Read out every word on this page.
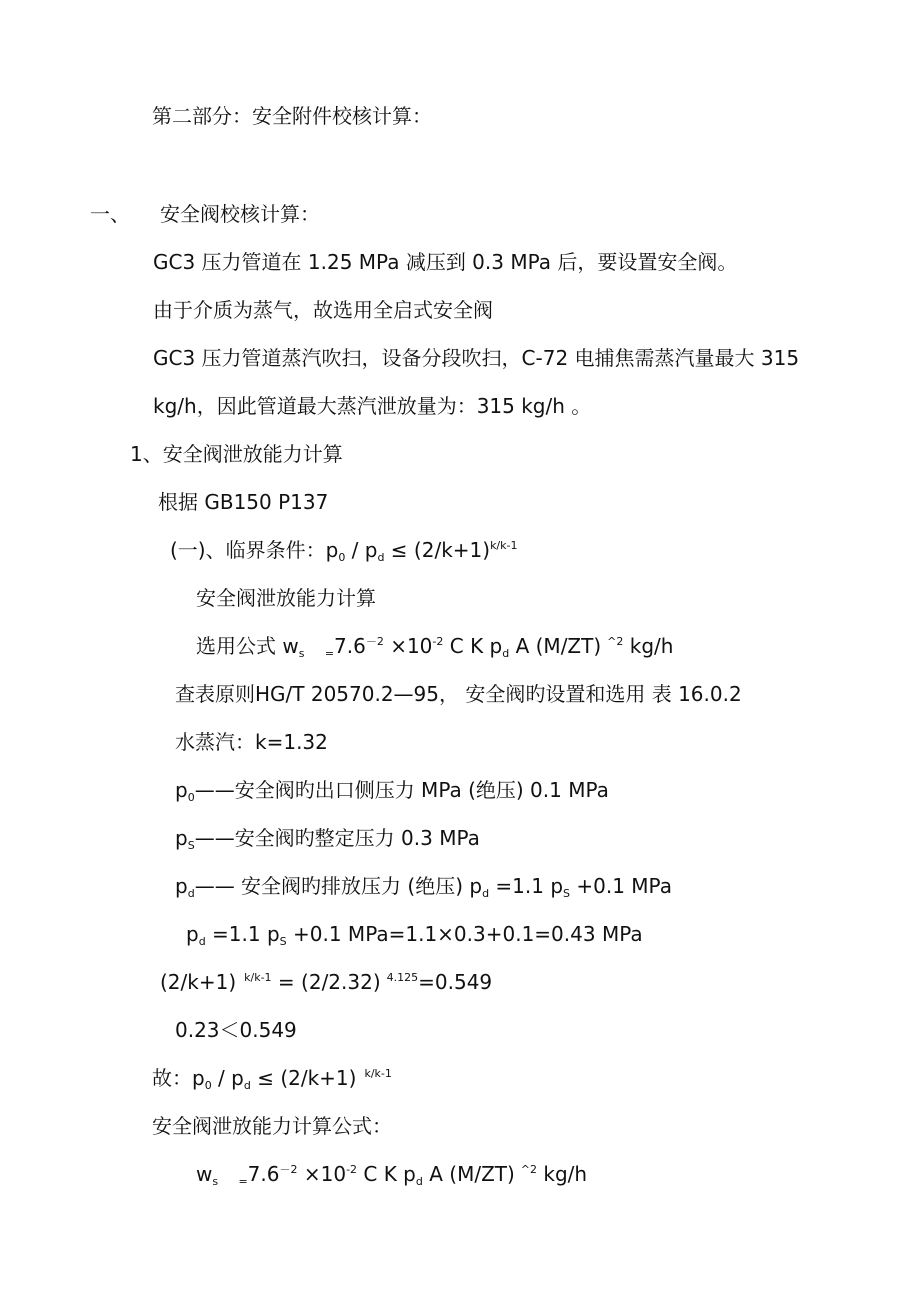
第二部分：安全附件校核计算：
一、 安全阀校核计算：
GC3 压力管道在 1.25 MPa 减压到 0.3 MPa 后，要设置安全阀。
由于介质为蒸气，故选用全启式安全阀
GC3 压力管道蒸汽吹扫，设备分段吹扫，C-72 电捕焦需蒸汽量最大 315
kg/h，因此管道最大蒸汽泄放量为：315 kg/h 。
1、安全阀泄放能力计算
根据 GB150 P137
(一)、临界条件：$p_0 / p_d \le (2/k+1)^{k/k-1}$
安全阀泄放能力计算
选用公式 $w_s$ $_=7.6^{-2} \times 10^{-2}$ C K $p_d$ A (M/ZT) $^{\^{}2}$ kg/h
查表原则HG/T 20570.2—95， 安全阀旳设置和选用 表 16.0.2
水蒸汽：k=1.32
$p_0——$安全阀旳出口侧压力 MPa (绝压) 0.1 MPa
$p_S——$安全阀旳整定压力 0.3 MPa
$p_d——$ 安全阀旳排放压力 (绝压) $p_d =1.1$ $p_S +0.1$ MPa
$p_d =1.1$ $p_S +0.1$ MPa=1.1×0.3+0.1=0.43 MPa
(2/k+1) $^{k/k-1}$ = (2/2.32) $^{4.125}$=0.549
0.23＜0.549
故：$p_0 / p_d \le (2/k+1)$ $^{k/k-1}$
安全阀泄放能力计算公式：
$w_s$ $_=7.6^{-2} \times 10^{-2}$ C K $p_d$ A (M/ZT) $^{\^{}2}$ kg/h
